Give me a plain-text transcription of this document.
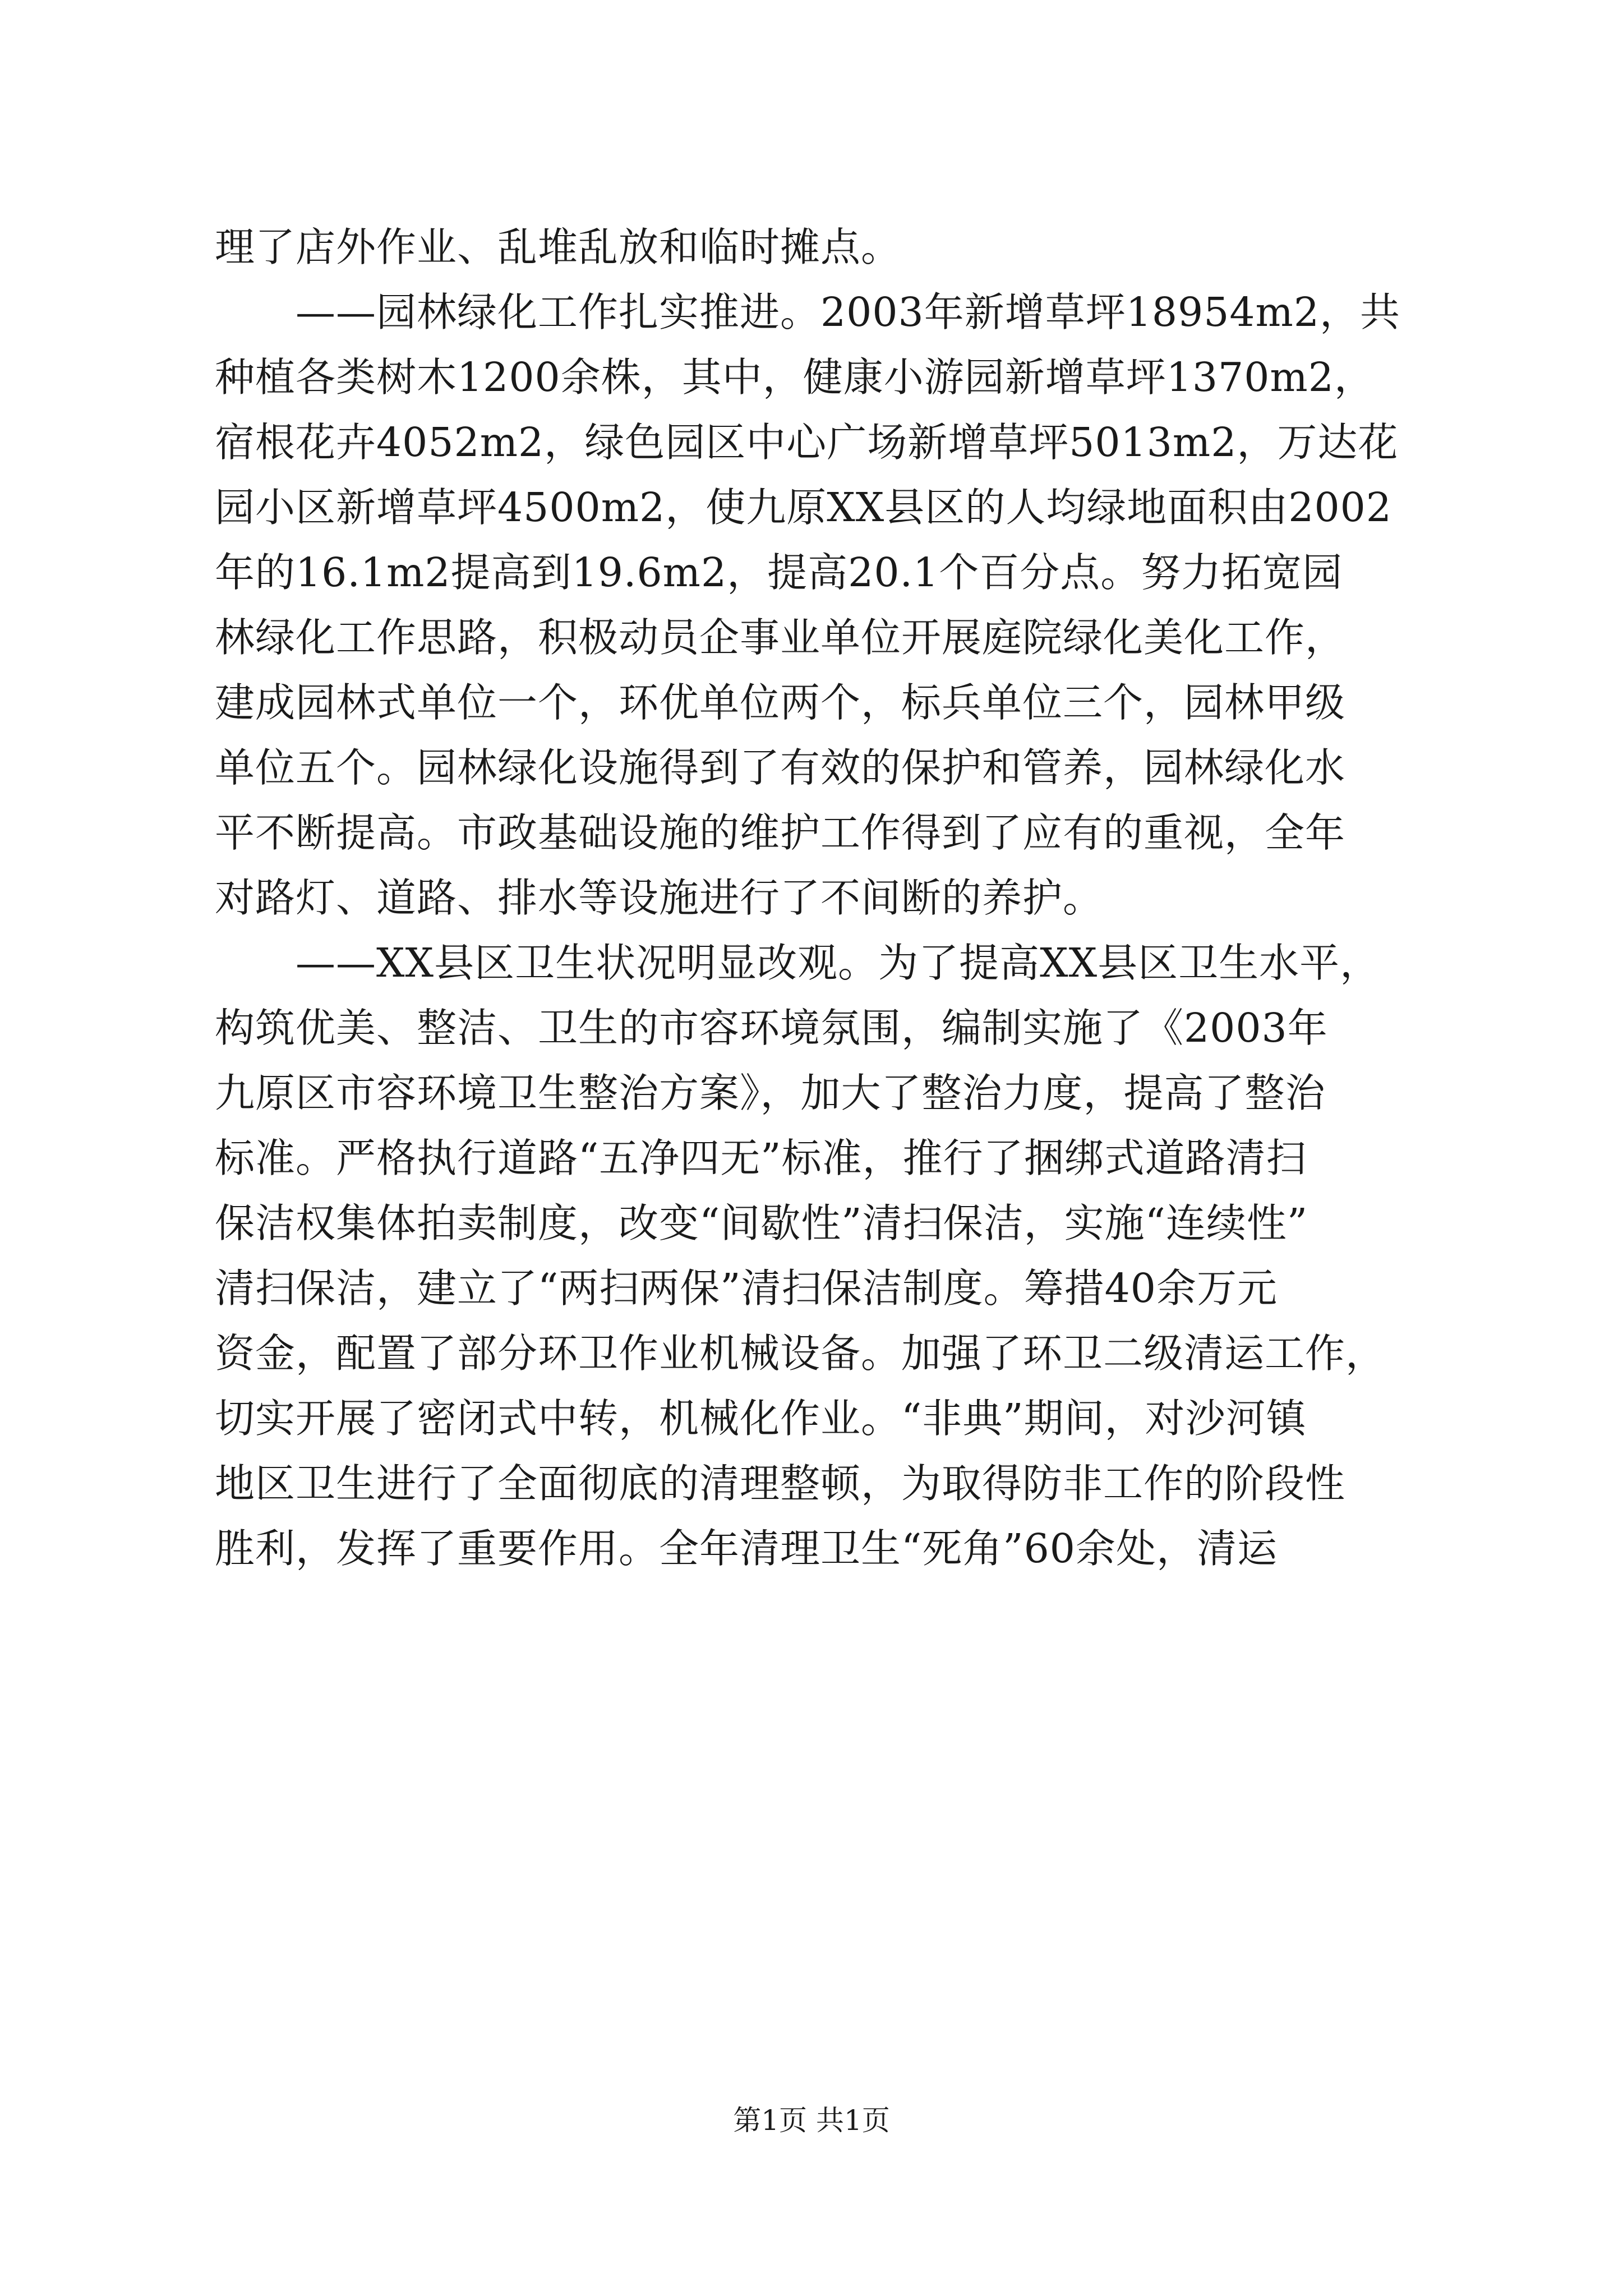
理了店外作业、乱堆乱放和临时摊点。
　　——园林绿化工作扎实推进。2003年新增草坪18954m2，共
种植各类树木1200余株，其中，健康小游园新增草坪1370m2，
宿根花卉4052m2，绿色园区中心广场新增草坪5013m2，万达花
园小区新增草坪4500m2，使九原XX县区的人均绿地面积由2002
年的16.1m2提高到19.6m2，提高20.1个百分点。努力拓宽园
林绿化工作思路，积极动员企事业单位开展庭院绿化美化工作，
建成园林式单位一个，环优单位两个，标兵单位三个，园林甲级
单位五个。园林绿化设施得到了有效的保护和管养，园林绿化水
平不断提高。市政基础设施的维护工作得到了应有的重视，全年
对路灯、道路、排水等设施进行了不间断的养护。
　　——XX县区卫生状况明显改观。为了提高XX县区卫生水平，
构筑优美、整洁、卫生的市容环境氛围，编制实施了《2003年
九原区市容环境卫生整治方案》，加大了整治力度，提高了整治
标准。严格执行道路“五净四无”标准，推行了捆绑式道路清扫
保洁权集体拍卖制度，改变“间歇性”清扫保洁，实施“连续性”
清扫保洁，建立了“两扫两保”清扫保洁制度。筹措40余万元
资金，配置了部分环卫作业机械设备。加强了环卫二级清运工作，
切实开展了密闭式中转，机械化作业。“非典”期间，对沙河镇
地区卫生进行了全面彻底的清理整顿，为取得防非工作的阶段性
胜利，发挥了重要作用。全年清理卫生“死角”60余处，清运
第1页 共1页
